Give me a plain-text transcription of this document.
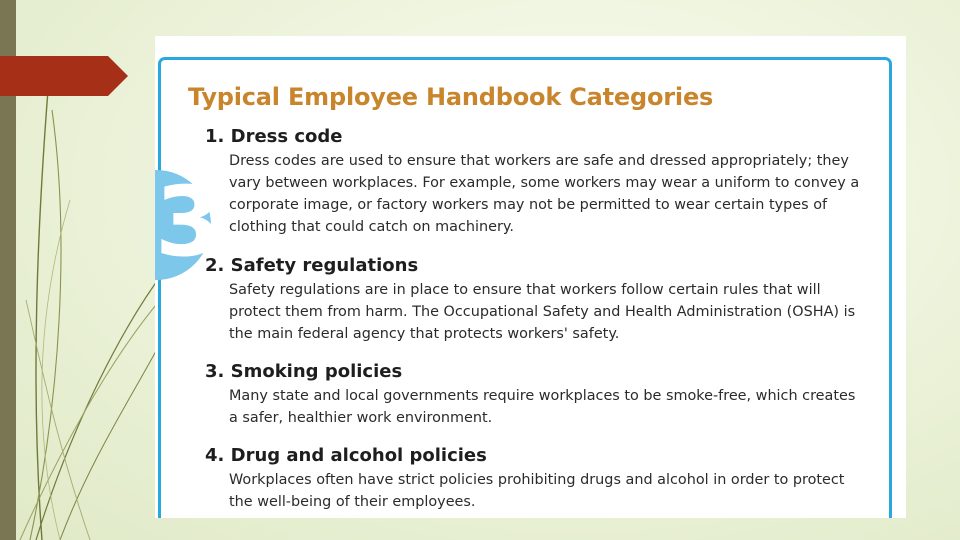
3
Typical Employee Handbook Categories
1. Dress code

Dress codes are used to ensure that workers are safe and dressed appropriately; they vary between workplaces. For example, some workers may wear a uniform to convey a corporate image, or factory workers may not be permitted to wear certain types of clothing that could catch on machinery.

2. Safety regulations

Safety regulations are in place to ensure that workers follow certain rules that will protect them from harm. The Occupational Safety and Health Administration (OSHA) is the main federal agency that protects workers' safety.

3. Smoking policies

Many state and local governments require workplaces to be smoke-free, which creates a safer, healthier work environment.

4. Drug and alcohol policies

Workplaces often have strict policies prohibiting drugs and alcohol in order to protect the well-being of their employees.
